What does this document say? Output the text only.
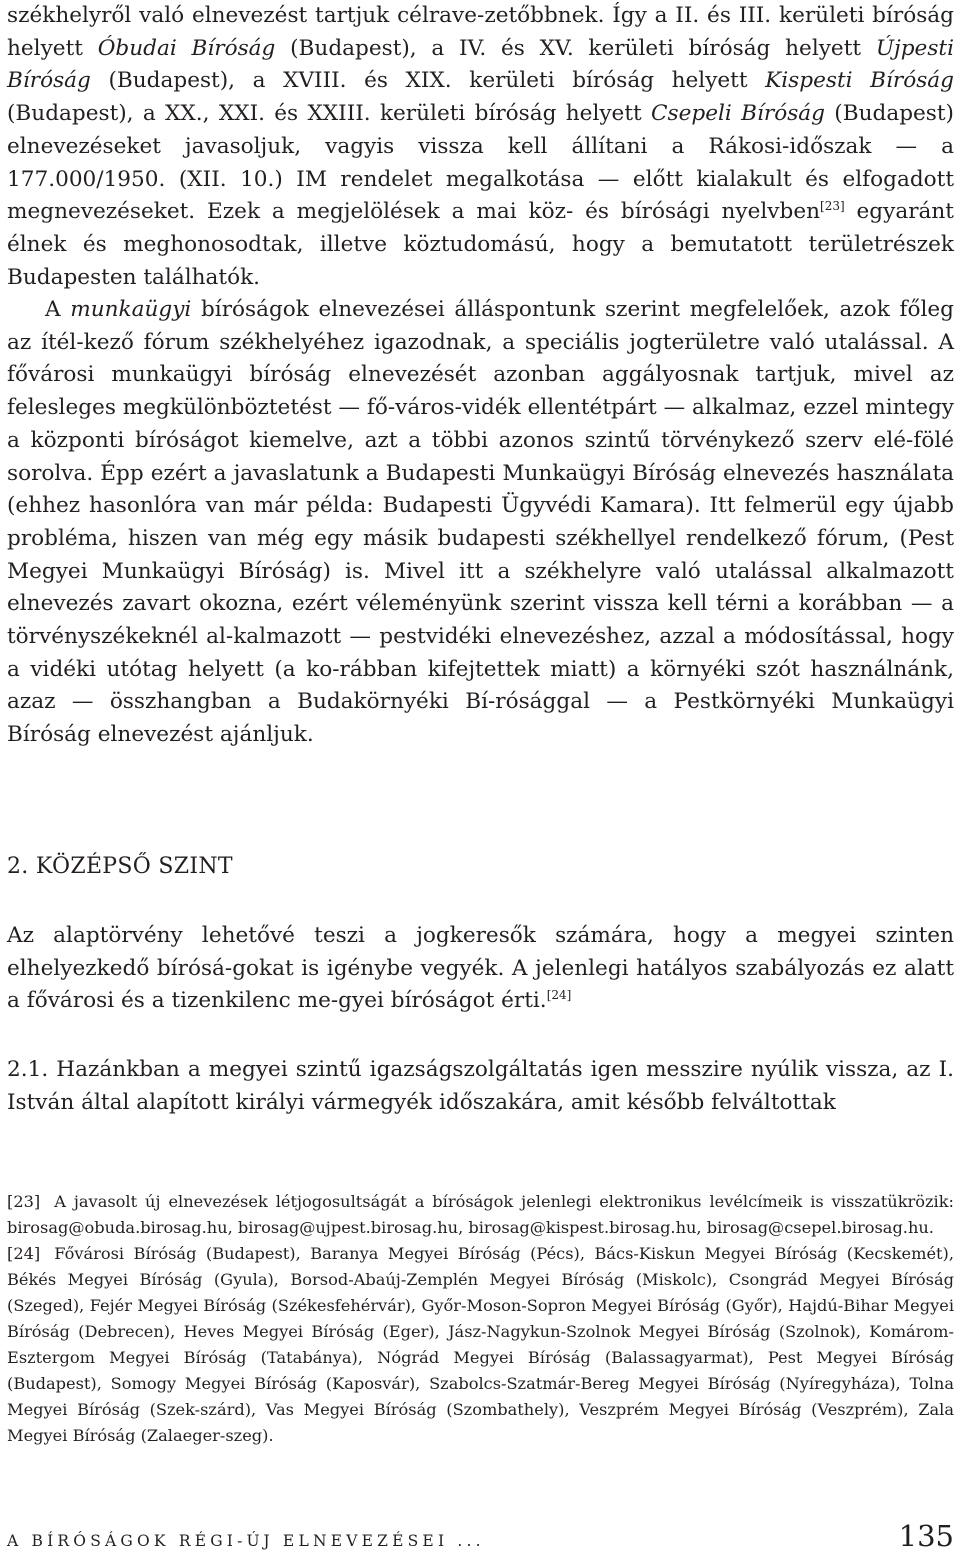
székhelyről való elnevezést tartjuk célrave-zetőbbnek. Így a II. és III. kerületi bíróság helyett Óbudai Bíróság (Budapest), a IV. és XV. kerületi bíróság helyett Újpesti Bíróság (Budapest), a XVIII. és XIX. kerületi bíróság helyett Kispesti Bíróság (Budapest), a XX., XXI. és XXIII. kerületi bíróság helyett Csepeli Bíróság (Budapest) elnevezéseket javasoljuk, vagyis vissza kell állítani a Rákosi-időszak — a 177.000/1950. (XII. 10.) IM rendelet megalkotása — előtt kialakult és elfogadott megnevezéseket. Ezek a megjelölések a mai köz- és bírósági nyelvben[23] egyaránt élnek és meghonosodtak, illetve köztudomású, hogy a bemutatott területrészek Budapesten találhatók.

A munkaügyi bíróságok elnevezései álláspontunk szerint megfelelőek, azok főleg az ítél-kező fórum székhelyéhez igazodnak, a speciális jogterületre való utalással. A fővárosi munkaügyi bíróság elnevezését azonban aggályosnak tartjuk, mivel az felesleges megkülönböztetést — fő-város-vidék ellentétpárt — alkalmaz, ezzel mintegy a központi bíróságot kiemelve, azt a többi azonos szintű törvénykező szerv elé-fölé sorolva. Épp ezért a javaslatunk a Budapesti Munkaügyi Bíróság elnevezés használata (ehhez hasonlóra van már példa: Budapesti Ügyvédi Kamara). Itt felmerül egy újabb probléma, hiszen van még egy másik budapesti székhellyel rendelkező fórum, (Pest Megyei Munkaügyi Bíróság) is. Mivel itt a székhelyre való utalással alkalmazott elnevezés zavart okozna, ezért véleményünk szerint vissza kell térni a korábban — a törvényszékeknél al-kalmazott — pestvidéki elnevezéshez, azzal a módosítással, hogy a vidéki utótag helyett (a ko-rábban kifejtettek miatt) a környéki szót használnánk, azaz — összhangban a Budakörnyéki Bí-rósággal — a Pestkörnyéki Munkaügyi Bíróság elnevezést ajánljuk.

2. KÖZÉPSŐ SZINT

Az alaptörvény lehetővé teszi a jogkeresők számára, hogy a megyei szinten elhelyezkedő bírósá-gokat is igénybe vegyék. A jelenlegi hatályos szabályozás ez alatt a fővárosi és a tizenkilenc me-gyei bíróságot érti.[24]

2.1. Hazánkban a megyei szintű igazságszolgáltatás igen messzire nyúlik vissza, az I. István által alapított királyi vármegyék időszakára, amit később felváltottak

[23] A javasolt új elnevezések létjogosultságát a bíróságok jelenlegi elektronikus levélcímeik is visszatükrözik: birosag@obuda.birosag.hu, birosag@ujpest.birosag.hu, birosag@kispest.birosag.hu, birosag@csepel.birosag.hu.

[24] Fővárosi Bíróság (Budapest), Baranya Megyei Bíróság (Pécs), Bács-Kiskun Megyei Bíróság (Kecskemét), Békés Megyei Bíróság (Gyula), Borsod-Abaúj-Zemplén Megyei Bíróság (Miskolc), Csongrád Megyei Bíróság (Szeged), Fejér Megyei Bíróság (Székesfehérvár), Győr-Moson-Sopron Megyei Bíróság (Győr), Hajdú-Bihar Megyei Bíróság (Debrecen), Heves Megyei Bíróság (Eger), Jász-Nagykun-Szolnok Megyei Bíróság (Szolnok), Komárom-Esztergom Megyei Bíróság (Tatabánya), Nógrád Megyei Bíróság (Balassagyarmat), Pest Megyei Bíróság (Budapest), Somogy Megyei Bíróság (Kaposvár), Szabolcs-Szatmár-Bereg Megyei Bíróság (Nyíregyháza), Tolna Megyei Bíróság (Szek-szárd), Vas Megyei Bíróság (Szombathely), Veszprém Megyei Bíróság (Veszprém), Zala Megyei Bíróság (Zalaeger-szeg).

A BÍRÓSÁGOK RÉGI-ÚJ ELNEVEZÉSEI ...	135
